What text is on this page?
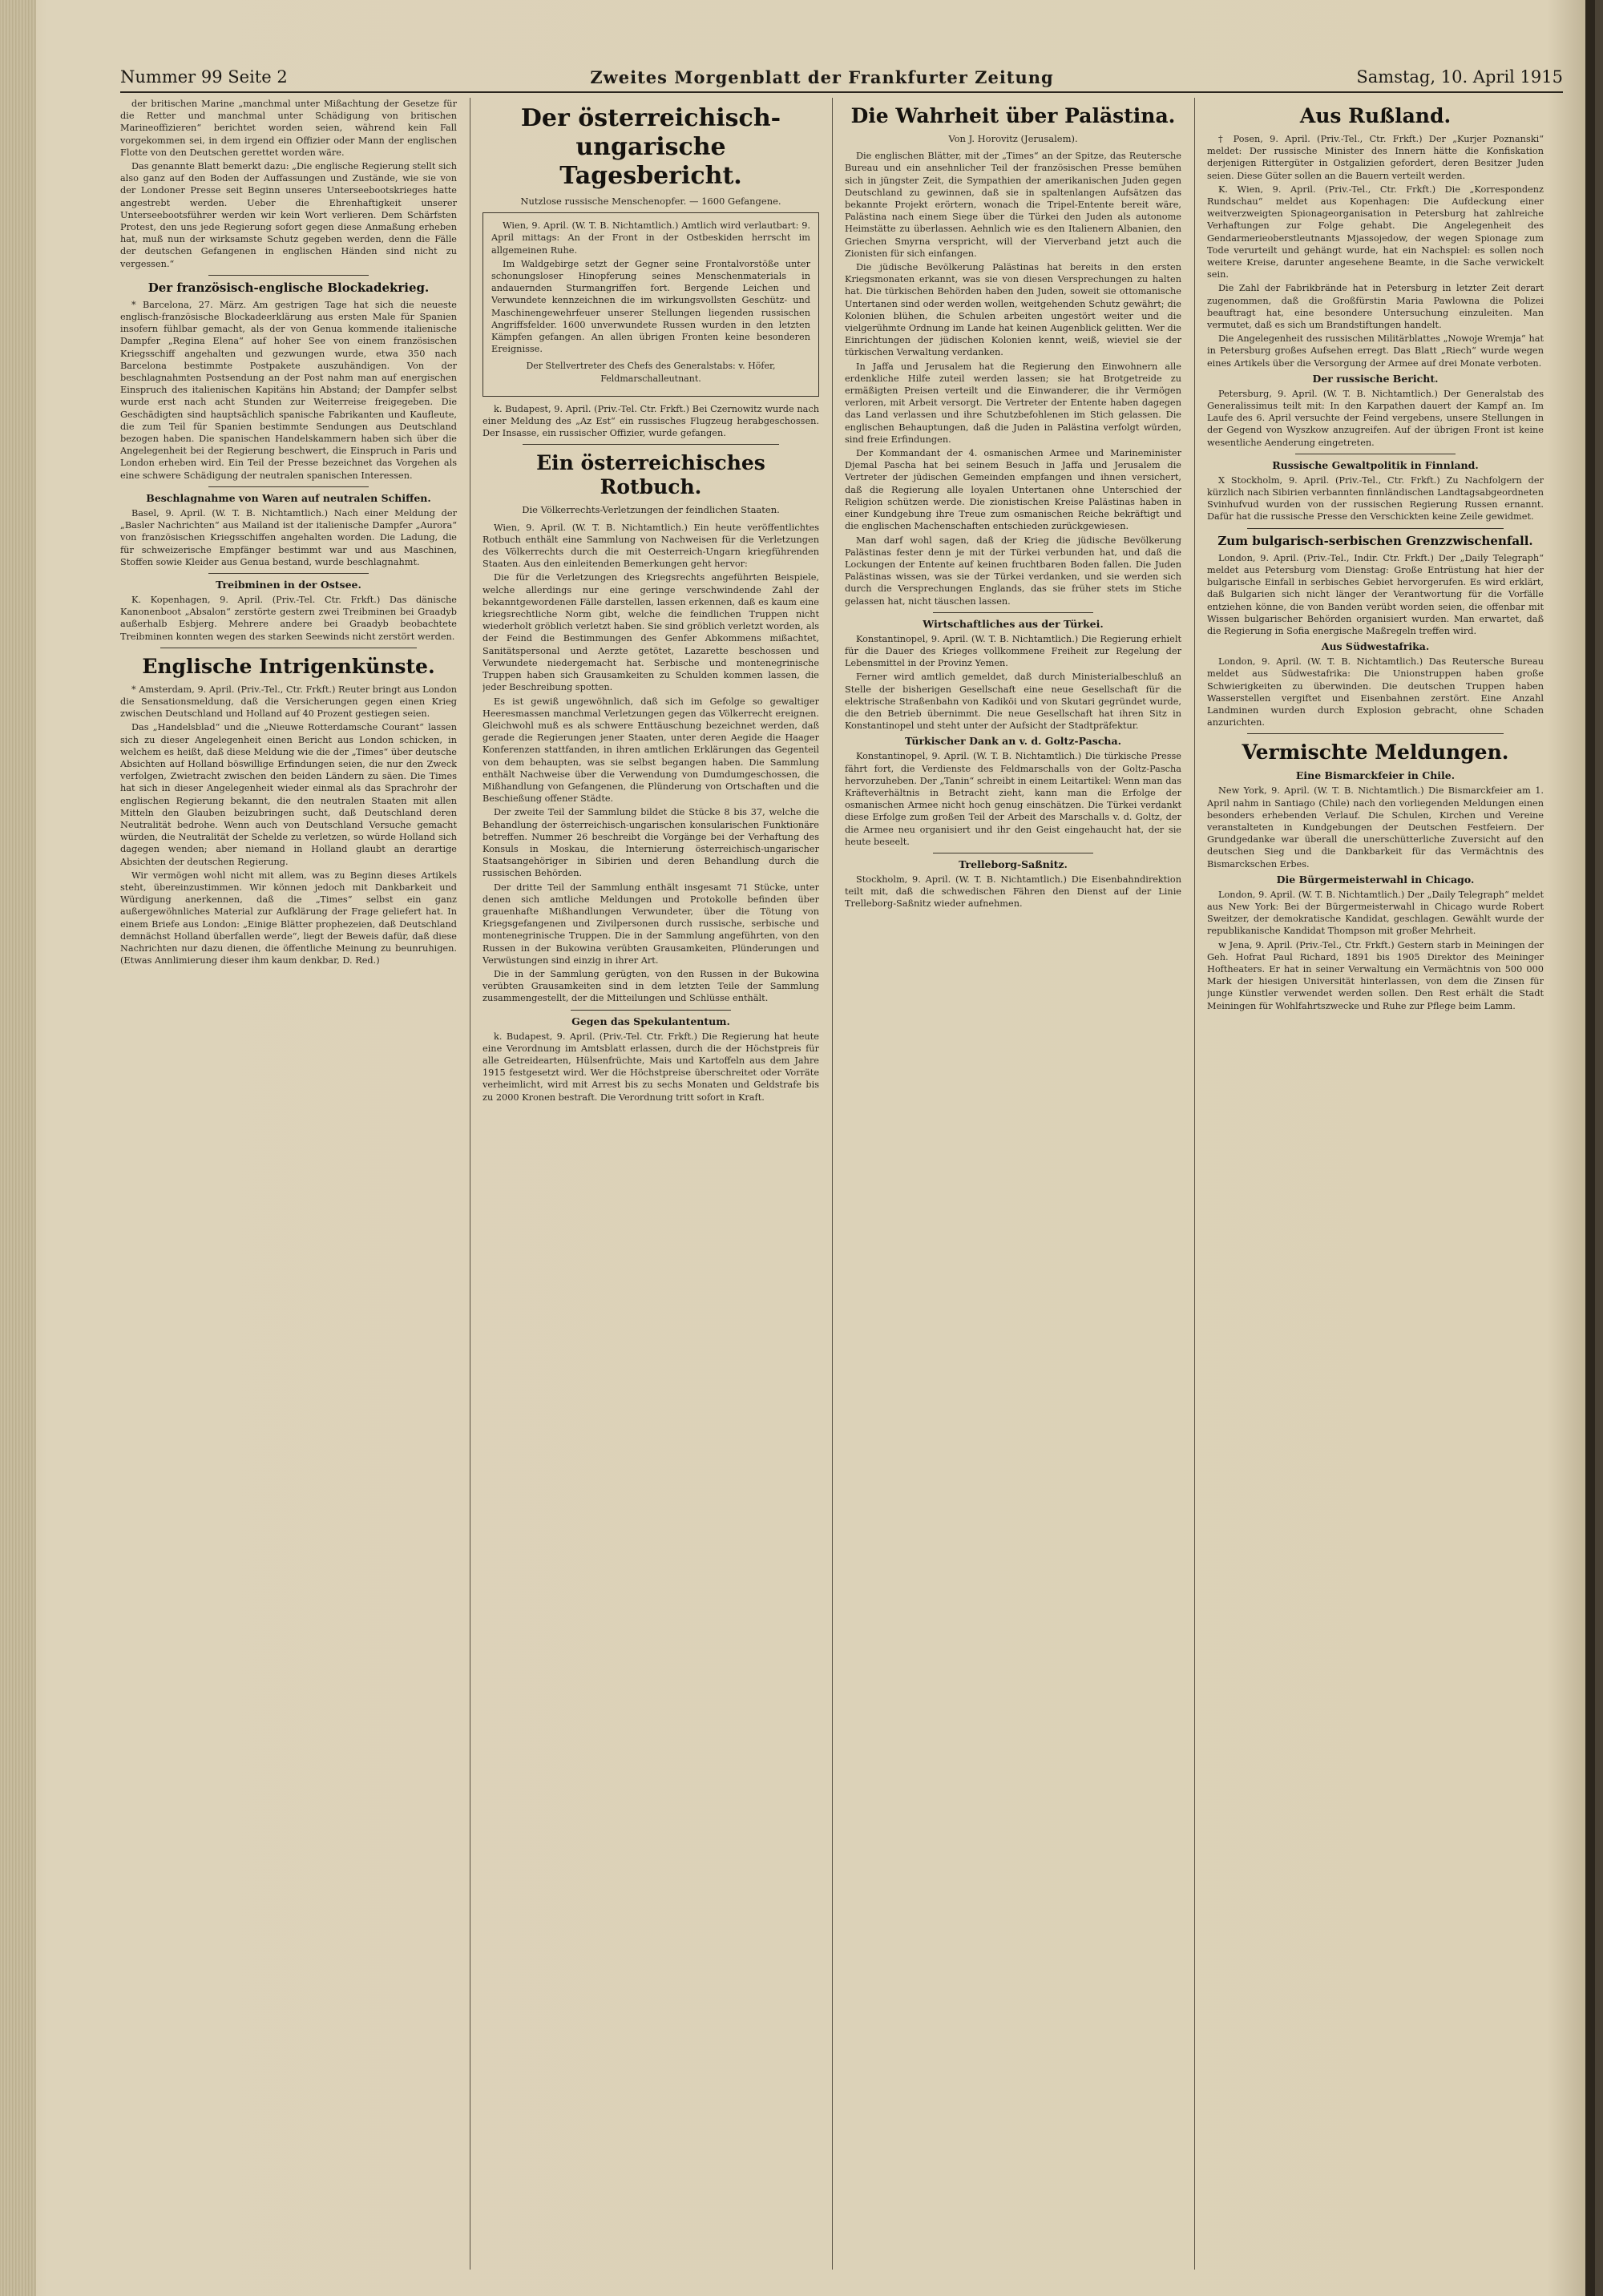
Nummer 99 Seite 2	Zweites Morgenblatt der Frankfurter Zeitung	Samstag, 10. April 1915

der britischen Marine „manchmal unter Mißachtung der Gesetze für die Retter und manchmal unter Schädigung von britischen Marineoffizieren“ berichtet worden seien, während kein Fall vorgekommen sei, in dem irgend ein Offizier oder Mann der englischen Flotte von den Deutschen gerettet worden wäre.

Das genannte Blatt bemerkt dazu: „Die englische Regierung stellt sich also ganz auf den Boden der Auffassungen und Zustände, wie sie von der Londoner Presse seit Beginn unseres Unterseebootskrieges hatte angestrebt werden. Ueber die Ehrenhaftigkeit unserer Unterseebootsführer werden wir kein Wort verlieren. Dem Schärfsten Protest, den uns jede Regierung sofort gegen diese Anmaßung erheben hat, muß nun der wirksamste Schutz gegeben werden, denn die Fälle der deutschen Gefangenen in englischen Händen sind nicht zu vergessen.“

Der französisch-englische Blockadekrieg.

* Barcelona, 27. März. Am gestrigen Tage hat sich die neueste englisch-französische Blockadeerklärung aus ersten Male für Spanien insofern fühlbar gemacht, als der von Genua kommende italienische Dampfer „Regina Elena“ auf hoher See von einem französischen Kriegsschiff angehalten und gezwungen wurde, etwa 350 nach Barcelona bestimmte Postpakete auszuhändigen. Von der beschlagnahmten Postsendung an der Post nahm man auf energischen Einspruch des italienischen Kapitäns hin Abstand; der Dampfer selbst wurde erst nach acht Stunden zur Weiterreise freigegeben. Die Geschädigten sind hauptsächlich spanische Fabrikanten und Kaufleute, die zum Teil für Spanien bestimmte Sendungen aus Deutschland bezogen haben. Die spanischen Handelskammern haben sich über die Angelegenheit bei der Regierung beschwert, die Einspruch in Paris und London erheben wird. Ein Teil der Presse bezeichnet das Vorgehen als eine schwere Schädigung der neutralen spanischen Interessen.

Beschlagnahme von Waren auf neutralen Schiffen.

Basel, 9. April. (W. T. B. Nichtamtlich.) Nach einer Meldung der „Basler Nachrichten“ aus Mailand ist der italienische Dampfer „Aurora“ von französischen Kriegsschiffen angehalten worden. Die Ladung, die für schweizerische Empfänger bestimmt war und aus Maschinen, Stoffen sowie Kleider aus Genua bestand, wurde beschlagnahmt.

Treibminen in der Ostsee.

K. Kopenhagen, 9. April. (Priv.-Tel. Ctr. Frkft.) Das dänische Kanonenboot „Absalon“ zerstörte gestern zwei Treibminen bei Graadyb außerhalb Esbjerg. Mehrere andere bei Graadyb beobachtete Treibminen konnten wegen des starken Seewinds nicht zerstört werden.

Englische Intrigenkünste.

* Amsterdam, 9. April. (Priv.-Tel., Ctr. Frkft.) Reuter bringt aus London die Sensationsmeldung, daß die Versicherungen gegen einen Krieg zwischen Deutschland und Holland auf 40 Prozent gestiegen seien.

Das „Handelsblad“ und die „Nieuwe Rotterdamsche Courant“ lassen sich zu dieser Angelegenheit einen Bericht aus London schicken, in welchem es heißt, daß diese Meldung wie die der „Times“ über deutsche Absichten auf Holland böswillige Erfindungen seien, die nur den Zweck verfolgen, Zwietracht zwischen den beiden Ländern zu säen. Die Times hat sich in dieser Angelegenheit wieder einmal als das Sprachrohr der englischen Regierung bekannt, die den neutralen Staaten mit allen Mitteln den Glauben beizubringen sucht, daß Deutschland deren Neutralität bedrohe. Wenn auch von Deutschland Versuche gemacht würden, die Neutralität der Schelde zu verletzen, so würde Holland sich dagegen wenden; aber niemand in Holland glaubt an derartige Absichten der deutschen Regierung.

Wir vermögen wohl nicht mit allem, was zu Beginn dieses Artikels steht, übereinzustimmen. Wir können jedoch mit Dankbarkeit und Würdigung anerkennen, daß die „Times“ selbst ein ganz außergewöhnliches Material zur Aufklärung der Frage geliefert hat. In einem Briefe aus London: „Einige Blätter prophezeien, daß Deutschland demnächst Holland überfallen werde“, liegt der Beweis dafür, daß diese Nachrichten nur dazu dienen, die öffentliche Meinung zu beunruhigen. (Etwas Annlimierung dieser ihm kaum denkbar, D. Red.)

Der österreichisch-ungarische Tagesbericht.
Nutzlose russische Menschenopfer. — 1600 Gefangene.

Wien, 9. April. (W. T. B. Nichtamtlich.) Amtlich wird verlautbart: 9. April mittags: An der Front in der Ostbeskiden herrscht im allgemeinen Ruhe.

Im Waldgebirge setzt der Gegner seine Frontalvorstöße unter schonungsloser Hinopferung seines Menschenmaterials in andauernden Sturmangriffen fort. Bergende Leichen und Verwundete kennzeichnen die im wirkungsvollsten Geschütz- und Maschinengewehrfeuer unserer Stellungen liegenden russischen Angriffsfelder. 1600 unverwundete Russen wurden in den letzten Kämpfen gefangen. An allen übrigen Fronten keine besonderen Ereignisse.

Der Stellvertreter des Chefs des Generalstabs: v. Höfer, Feldmarschalleutnant.

k. Budapest, 9. April. (Priv.-Tel. Ctr. Frkft.) Bei Czernowitz wurde nach einer Meldung des „Az Est“ ein russisches Flugzeug herabgeschossen. Der Insasse, ein russischer Offizier, wurde gefangen.

Ein österreichisches Rotbuch.
Die Völkerrechts-Verletzungen der feindlichen Staaten.

Wien, 9. April. (W. T. B. Nichtamtlich.) Ein heute veröffentlichtes Rotbuch enthält eine Sammlung von Nachweisen für die Verletzungen des Völkerrechts durch die mit Oesterreich-Ungarn kriegführenden Staaten. Aus den einleitenden Bemerkungen geht hervor:

Die für die Verletzungen des Kriegsrechts angeführten Beispiele, welche allerdings nur eine geringe verschwindende Zahl der bekanntgewordenen Fälle darstellen, lassen erkennen, daß es kaum eine kriegsrechtliche Norm gibt, welche die feindlichen Truppen nicht wiederholt gröblich verletzt haben. Sie sind gröblich verletzt worden, als der Feind die Bestimmungen des Genfer Abkommens mißachtet, Sanitätspersonal und Aerzte getötet, Lazarette beschossen und Verwundete niedergemacht hat. Serbische und montenegrinische Truppen haben sich Grausamkeiten zu Schulden kommen lassen, die jeder Beschreibung spotten.

Es ist gewiß ungewöhnlich, daß sich im Gefolge so gewaltiger Heeresmassen manchmal Verletzungen gegen das Völkerrecht ereignen. Gleichwohl muß es als schwere Enttäuschung bezeichnet werden, daß gerade die Regierungen jener Staaten, unter deren Aegide die Haager Konferenzen stattfanden, in ihren amtlichen Erklärungen das Gegenteil von dem behaupten, was sie selbst begangen haben. Die Sammlung enthält Nachweise über die Verwendung von Dumdumgeschossen, die Mißhandlung von Gefangenen, die Plünderung von Ortschaften und die Beschießung offener Städte.

Der zweite Teil der Sammlung bildet die Stücke 8 bis 37, welche die Behandlung der österreichisch-ungarischen konsularischen Funktionäre betreffen. Nummer 26 beschreibt die Vorgänge bei der Verhaftung des Konsuls in Moskau, die Internierung österreichisch-ungarischer Staatsangehöriger in Sibirien und deren Behandlung durch die russischen Behörden.

Der dritte Teil der Sammlung enthält insgesamt 71 Stücke, unter denen sich amtliche Meldungen und Protokolle befinden über grauenhafte Mißhandlungen Verwundeter, über die Tötung von Kriegsgefangenen und Zivilpersonen durch russische, serbische und montenegrinische Truppen. Die in der Sammlung angeführten, von den Russen in der Bukowina verübten Grausamkeiten, Plünderungen und Verwüstungen sind einzig in ihrer Art.

Die in der Sammlung gerügten, von den Russen in der Bukowina verübten Grausamkeiten sind in dem letzten Teile der Sammlung zusammengestellt, der die Mitteilungen und Schlüsse enthält.

Gegen das Spekulantentum.

k. Budapest, 9. April. (Priv.-Tel. Ctr. Frkft.) Die Regierung hat heute eine Verordnung im Amtsblatt erlassen, durch die der Höchstpreis für alle Getreidearten, Hülsenfrüchte, Mais und Kartoffeln aus dem Jahre 1915 festgesetzt wird. Wer die Höchstpreise überschreitet oder Vorräte verheimlicht, wird mit Arrest bis zu sechs Monaten und Geldstrafe bis zu 2000 Kronen bestraft. Die Verordnung tritt sofort in Kraft.

Die Wahrheit über Palästina.
Von J. Horovitz (Jerusalem).

Die englischen Blätter, mit der „Times“ an der Spitze, das Reutersche Bureau und ein ansehnlicher Teil der französischen Presse bemühen sich in jüngster Zeit, die Sympathien der amerikanischen Juden gegen Deutschland zu gewinnen, daß sie in spaltenlangen Aufsätzen das bekannte Projekt erörtern, wonach die Tripel-Entente bereit wäre, Palästina nach einem Siege über die Türkei den Juden als autonome Heimstätte zu überlassen. Aehnlich wie es den Italienern Albanien, den Griechen Smyrna verspricht, will der Vierverband jetzt auch die Zionisten für sich einfangen.

Die jüdische Bevölkerung Palästinas hat bereits in den ersten Kriegsmonaten erkannt, was sie von diesen Versprechungen zu halten hat. Die türkischen Behörden haben den Juden, soweit sie ottomanische Untertanen sind oder werden wollen, weitgehenden Schutz gewährt; die Kolonien blühen, die Schulen arbeiten ungestört weiter und die vielgerühmte Ordnung im Lande hat keinen Augenblick gelitten. Wer die Einrichtungen der jüdischen Kolonien kennt, weiß, wieviel sie der türkischen Verwaltung verdanken.

In Jaffa und Jerusalem hat die Regierung den Einwohnern alle erdenkliche Hilfe zuteil werden lassen; sie hat Brotgetreide zu ermäßigten Preisen verteilt und die Einwanderer, die ihr Vermögen verloren, mit Arbeit versorgt. Die Vertreter der Entente haben dagegen das Land verlassen und ihre Schutzbefohlenen im Stich gelassen. Die englischen Behauptungen, daß die Juden in Palästina verfolgt würden, sind freie Erfindungen.

Der Kommandant der 4. osmanischen Armee und Marineminister Djemal Pascha hat bei seinem Besuch in Jaffa und Jerusalem die Vertreter der jüdischen Gemeinden empfangen und ihnen versichert, daß die Regierung alle loyalen Untertanen ohne Unterschied der Religion schützen werde. Die zionistischen Kreise Palästinas haben in einer Kundgebung ihre Treue zum osmanischen Reiche bekräftigt und die englischen Machenschaften entschieden zurückgewiesen.

Man darf wohl sagen, daß der Krieg die jüdische Bevölkerung Palästinas fester denn je mit der Türkei verbunden hat, und daß die Lockungen der Entente auf keinen fruchtbaren Boden fallen. Die Juden Palästinas wissen, was sie der Türkei verdanken, und sie werden sich durch die Versprechungen Englands, das sie früher stets im Stiche gelassen hat, nicht täuschen lassen.

Wirtschaftliches aus der Türkei.

Konstantinopel, 9. April. (W. T. B. Nichtamtlich.) Die Regierung erhielt für die Dauer des Krieges vollkommene Freiheit zur Regelung der Lebensmittel in der Provinz Yemen.

Ferner wird amtlich gemeldet, daß durch Ministerialbeschluß an Stelle der bisherigen Gesellschaft eine neue Gesellschaft für die elektrische Straßenbahn von Kadiköi und von Skutari gegründet wurde, die den Betrieb übernimmt. Die neue Gesellschaft hat ihren Sitz in Konstantinopel und steht unter der Aufsicht der Stadtpräfektur.

Türkischer Dank an v. d. Goltz-Pascha.

Konstantinopel, 9. April. (W. T. B. Nichtamtlich.) Die türkische Presse fährt fort, die Verdienste des Feldmarschalls von der Goltz-Pascha hervorzuheben. Der „Tanin“ schreibt in einem Leitartikel: Wenn man das Kräfteverhältnis in Betracht zieht, kann man die Erfolge der osmanischen Armee nicht hoch genug einschätzen. Die Türkei verdankt diese Erfolge zum großen Teil der Arbeit des Marschalls v. d. Goltz, der die Armee neu organisiert und ihr den Geist eingehaucht hat, der sie heute beseelt.

Trelleborg-Saßnitz.

Stockholm, 9. April. (W. T. B. Nichtamtlich.) Die Eisenbahndirektion teilt mit, daß die schwedischen Fähren den Dienst auf der Linie Trelleborg-Saßnitz wieder aufnehmen.

Aus Rußland.

† Posen, 9. April. (Priv.-Tel., Ctr. Frkft.) Der „Kurjer Poznanski“ meldet: Der russische Minister des Innern hätte die Konfiskation derjenigen Rittergüter in Ostgalizien gefordert, deren Besitzer Juden seien. Diese Güter sollen an die Bauern verteilt werden.

K. Wien, 9. April. (Priv.-Tel., Ctr. Frkft.) Die „Korrespondenz Rundschau“ meldet aus Kopenhagen: Die Aufdeckung einer weitverzweigten Spionageorganisation in Petersburg hat zahlreiche Verhaftungen zur Folge gehabt. Die Angelegenheit des Gendarmerieoberstleutnants Mjassojedow, der wegen Spionage zum Tode verurteilt und gehängt wurde, hat ein Nachspiel: es sollen noch weitere Kreise, darunter angesehene Beamte, in die Sache verwickelt sein.

Die Zahl der Fabrikbrände hat in Petersburg in letzter Zeit derart zugenommen, daß die Großfürstin Maria Pawlowna die Polizei beauftragt hat, eine besondere Untersuchung einzuleiten. Man vermutet, daß es sich um Brandstiftungen handelt.

Die Angelegenheit des russischen Militärblattes „Nowoje Wremja“ hat in Petersburg großes Aufsehen erregt. Das Blatt „Riech“ wurde wegen eines Artikels über die Versorgung der Armee auf drei Monate verboten.

Der russische Bericht.

Petersburg, 9. April. (W. T. B. Nichtamtlich.) Der Generalstab des Generalissimus teilt mit: In den Karpathen dauert der Kampf an. Im Laufe des 6. April versuchte der Feind vergebens, unsere Stellungen in der Gegend von Wyszkow anzugreifen. Auf der übrigen Front ist keine wesentliche Aenderung eingetreten.

Russische Gewaltpolitik in Finnland.

X Stockholm, 9. April. (Priv.-Tel., Ctr. Frkft.) Zu Nachfolgern der kürzlich nach Sibirien verbannten finnländischen Landtagsabgeordneten Svinhufvud wurden von der russischen Regierung Russen ernannt. Dafür hat die russische Presse den Verschickten keine Zeile gewidmet.

Zum bulgarisch-serbischen Grenzzwischenfall.

London, 9. April. (Priv.-Tel., Indir. Ctr. Frkft.) Der „Daily Telegraph“ meldet aus Petersburg vom Dienstag: Große Entrüstung hat hier der bulgarische Einfall in serbisches Gebiet hervorgerufen. Es wird erklärt, daß Bulgarien sich nicht länger der Verantwortung für die Vorfälle entziehen könne, die von Banden verübt worden seien, die offenbar mit Wissen bulgarischer Behörden organisiert wurden. Man erwartet, daß die Regierung in Sofia energische Maßregeln treffen wird.

Aus Südwestafrika.

London, 9. April. (W. T. B. Nichtamtlich.) Das Reutersche Bureau meldet aus Südwestafrika: Die Unionstruppen haben große Schwierigkeiten zu überwinden. Die deutschen Truppen haben Wasserstellen vergiftet und Eisenbahnen zerstört. Eine Anzahl Landminen wurden durch Explosion gebracht, ohne Schaden anzurichten.

Vermischte Meldungen.
Eine Bismarckfeier in Chile.

New York, 9. April. (W. T. B. Nichtamtlich.) Die Bismarckfeier am 1. April nahm in Santiago (Chile) nach den vorliegenden Meldungen einen besonders erhebenden Verlauf. Die Schulen, Kirchen und Vereine veranstalteten in Kundgebungen der Deutschen Festfeiern. Der Grundgedanke war überall die unerschütterliche Zuversicht auf den deutschen Sieg und die Dankbarkeit für das Vermächtnis des Bismarckschen Erbes.

Die Bürgermeisterwahl in Chicago.

London, 9. April. (W. T. B. Nichtamtlich.) Der „Daily Telegraph“ meldet aus New York: Bei der Bürgermeisterwahl in Chicago wurde Robert Sweitzer, der demokratische Kandidat, geschlagen. Gewählt wurde der republikanische Kandidat Thompson mit großer Mehrheit.

w Jena, 9. April. (Priv.-Tel., Ctr. Frkft.) Gestern starb in Meiningen der Geh. Hofrat Paul Richard, 1891 bis 1905 Direktor des Meininger Hoftheaters. Er hat in seiner Verwaltung ein Vermächtnis von 500 000 Mark der hiesigen Universität hinterlassen, von dem die Zinsen für junge Künstler verwendet werden sollen. Den Rest erhält die Stadt Meiningen für Wohlfahrtszwecke und Ruhe zur Pflege beim Lamm.
